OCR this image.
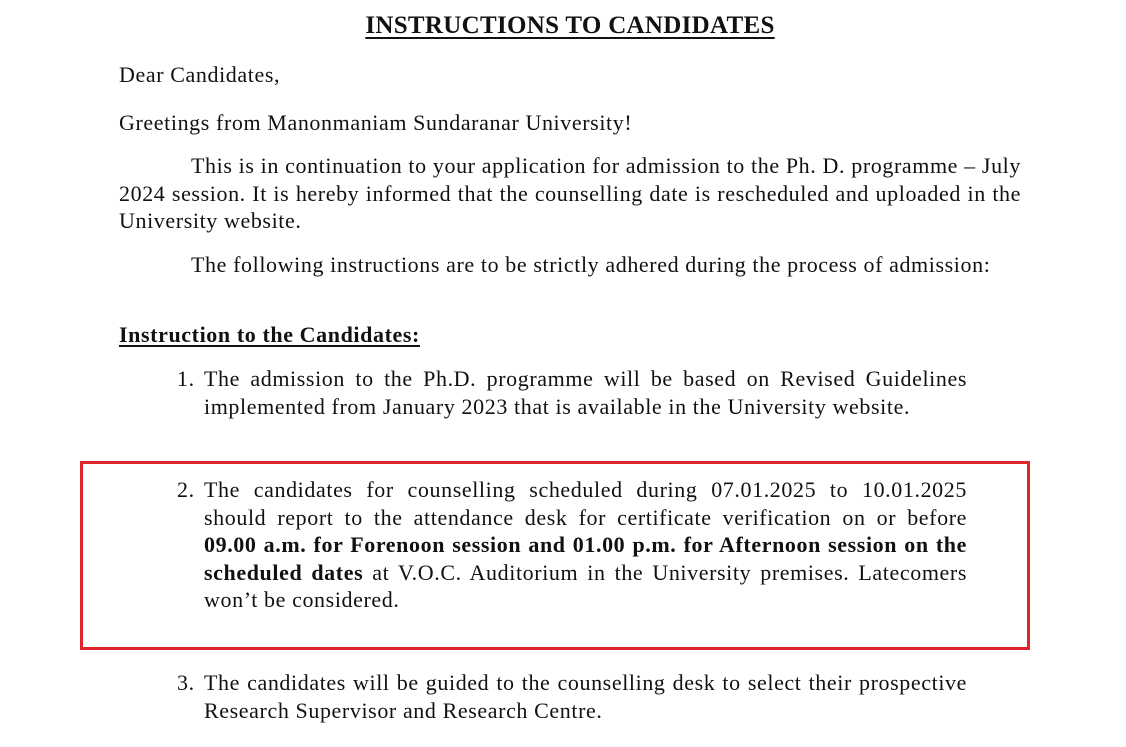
INSTRUCTIONS TO CANDIDATES
Dear Candidates,
Greetings from Manonmaniam Sundaranar University!
This is in continuation to your application for admission to the Ph. D. programme – July 2024 session. It is hereby informed that the counselling date is rescheduled and uploaded in the University website.
The following instructions are to be strictly adhered during the process of admission:
Instruction to the Candidates:
1. The admission to the Ph.D. programme will be based on Revised Guidelines implemented from January 2023 that is available in the University website.
2. The candidates for counselling scheduled during 07.01.2025 to 10.01.2025 should report to the attendance desk for certificate verification on or before 09.00 a.m. for Forenoon session and 01.00 p.m. for Afternoon session on the scheduled dates at V.O.C. Auditorium in the University premises. Latecomers won’t be considered.
3. The candidates will be guided to the counselling desk to select their prospective Research Supervisor and Research Centre.
